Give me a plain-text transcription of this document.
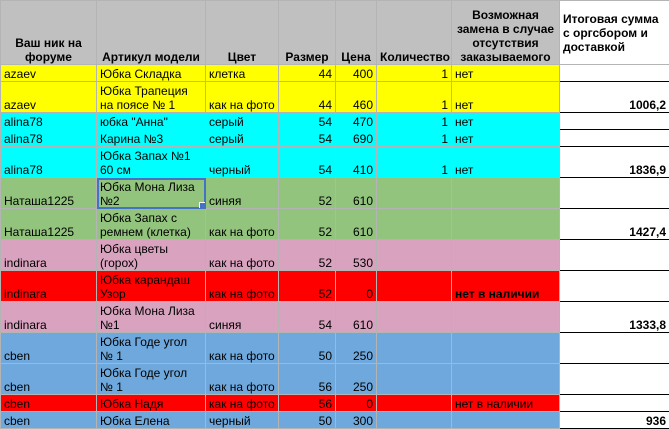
Ваш ник на форуме	Артикул модели	Цвет	Размер	Цена	Количество	Возможная замена в случае отсутствия заказываемого	Итоговая сумма с оргсбором и доставкой
azaev	Юбка Складка	клетка	44	400	1	нет	
azaev	Юбка Трапеция на поясе № 1	как на фото	44	460	1	нет	1006,2
alina78	юбка "Анна"	серый	54	470	1	нет	
alina78	Карина №3	серый	54	690	1	нет	
alina78	Юбка Запах №1 60 см	черный	54	410	1	нет	1836,9
Наташа1225	Юбка Мона Лиза №2	синяя	52	610			
Наташа1225	Юбка Запах с ремнем (клетка)	как на фото	52	610			1427,4
indinara	Юбка цветы (горох)	как на фото	52	530			
indinara	Юбка карандаш Узор	как на фото	52	0		нет в наличии	
indinara	Юбка Мона Лиза №1	синяя	54	610			1333,8
cben	Юбка Годе угол № 1	как на фото	50	250			
cben	Юбка Годе угол № 1	как на фото	56	250			
cben	Юбка Надя	как на фото	56	0		нет в наличии	
cben	Юбка Елена	черный	50	300			936
